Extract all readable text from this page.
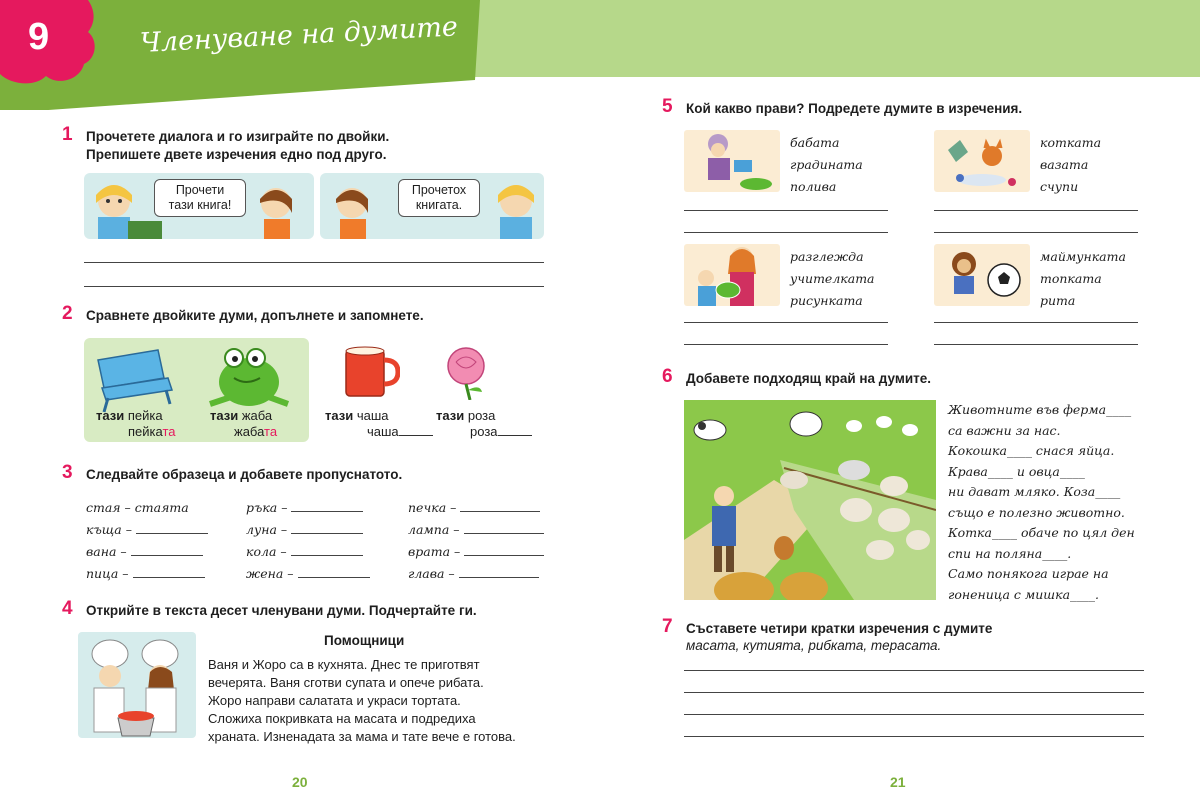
9	Членуване на думите
1 Прочетете диалога и го изиграйте по двойки.
Препишете двете изречения едно под друго.
Прочети
тази книга!
Прочетох
книгата.
2 Сравнете двойките думи, допълнете и запомнете.
тази пейка
пейката
тази жаба
жабата
тази чаша
чаша
тази роза
роза
3 Следвайте образеца и добавете пропуснатото.
стая – стаята
къща –
вана –
пица –
ръка –
луна –
кола –
жена –
печка –
лампа –
врата –
глава –
4 Открийте в текста десет членувани думи. Подчертайте ги.
Помощници
Ваня и Жоро са в кухнята. Днес те приготвят
вечерята. Ваня сготви супата и опече рибата.
Жоро направи салатата и украси тортата.
Сложиха покривката на масата и подредиха
храната. Изненадата за мама и тате вече е готова.
20
5 Кой какво прави? Подредете думите в изречения.
бабата
градината
полива
котката
вазата
счупи
разглежда
учителката
рисунката
маймунката
топката
рита
6 Добавете подходящ край на думите.
Животните във ферма____
са важни за нас.
Кокошка____ снася яйца.
Крава____ и овца____
ни дават мляко. Коза____
също е полезно животно.
Котка____ обаче по цял ден
спи на поляна____.
Само понякога играе на
гоненица с мишка____.
7 Съставете четири кратки изречения с думите
масата, кутията, рибката, терасата.
21
